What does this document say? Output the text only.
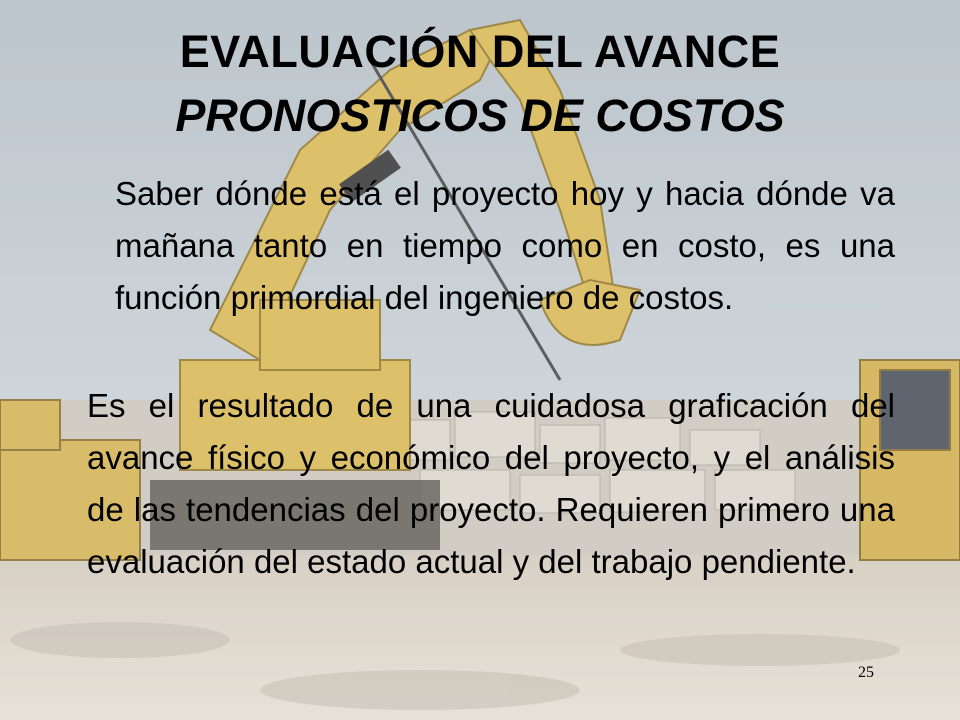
EVALUACIÓN DEL AVANCE
PRONOSTICOS DE COSTOS
Saber dónde está el proyecto hoy y hacia dónde va mañana tanto en tiempo como en costo, es una función primordial del ingeniero de costos.
Es el resultado de una cuidadosa graficación del avance físico y económico del proyecto, y el análisis de las tendencias del proyecto. Requieren primero una evaluación del estado actual y del trabajo pendiente.
25
